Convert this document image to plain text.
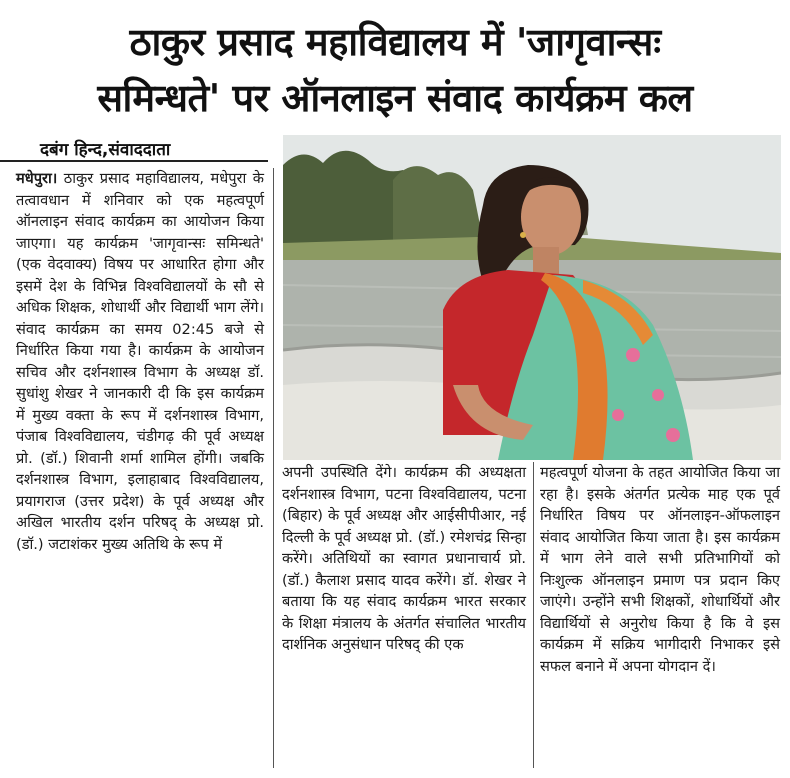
ठाकुर प्रसाद महाविद्यालय में 'जागृवान्सः
समिन्धते' पर ऑनलाइन संवाद कार्यक्रम कल
दबंग हिन्द,संवाददाता

मधेपुरा। ठाकुर प्रसाद महाविद्यालय, मधेपुरा के तत्वावधान में शनिवार को एक महत्वपूर्ण ऑनलाइन संवाद कार्यक्रम का आयोजन किया जाएगा। यह कार्यक्रम 'जागृवान्सः समिन्धते' (एक वेदवाक्य) विषय पर आधारित होगा और इसमें देश के विभिन्न विश्वविद्यालयों के सौ से अधिक शिक्षक, शोधार्थी और विद्यार्थी भाग लेंगे। संवाद कार्यक्रम का समय 02:45 बजे से निर्धारित किया गया है। कार्यक्रम के आयोजन सचिव और दर्शनशास्त्र विभाग के अध्यक्ष डॉ. सुधांशु शेखर ने जानकारी दी कि इस कार्यक्रम में मुख्य वक्ता के रूप में दर्शनशास्त्र विभाग, पंजाब विश्वविद्यालय, चंडीगढ़ की पूर्व अध्यक्ष प्रो. (डॉ.) शिवानी शर्मा शामिल होंगी। जबकि दर्शनशास्त्र विभाग, इलाहाबाद विश्वविद्यालय, प्रयागराज (उत्तर प्रदेश) के पूर्व अध्यक्ष और अखिल भारतीय दर्शन परिषद् के अध्यक्ष प्रो. (डॉ.) जटाशंकर मुख्य अतिथि के रूप में

अपनी उपस्थिति देंगे। कार्यक्रम की अध्यक्षता दर्शनशास्त्र विभाग, पटना विश्वविद्यालय, पटना (बिहार) के पूर्व अध्यक्ष और आईसीपीआर, नई दिल्ली के पूर्व अध्यक्ष प्रो. (डॉ.) रमेशचंद्र सिन्हा करेंगे। अतिथियों का स्वागत प्रधानाचार्य प्रो. (डॉ.) कैलाश प्रसाद यादव करेंगे। डॉ. शेखर ने बताया कि यह संवाद कार्यक्रम भारत सरकार के शिक्षा मंत्रालय के अंतर्गत संचालित भारतीय दार्शनिक अनुसंधान परिषद् की एक

महत्वपूर्ण योजना के तहत आयोजित किया जा रहा है। इसके अंतर्गत प्रत्येक माह एक पूर्व निर्धारित विषय पर ऑनलाइन-ऑफलाइन संवाद आयोजित किया जाता है। इस कार्यक्रम में भाग लेने वाले सभी प्रतिभागियों को निःशुल्क ऑनलाइन प्रमाण पत्र प्रदान किए जाएंगे। उन्होंने सभी शिक्षकों, शोधार्थियों और विद्यार्थियों से अनुरोध किया है कि वे इस कार्यक्रम में सक्रिय भागीदारी निभाकर इसे सफल बनाने में अपना योगदान दें।
